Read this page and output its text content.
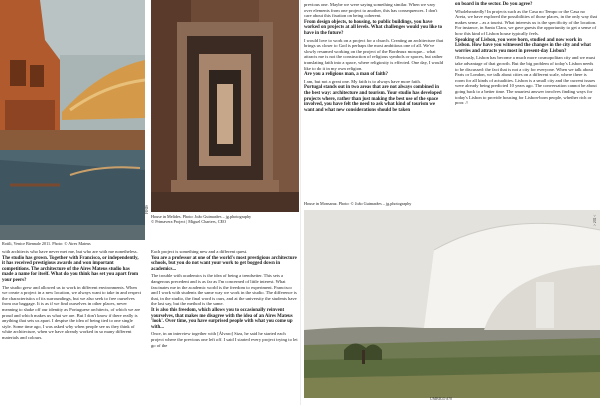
House in Melides. Photo: João Guimarães – jg.photography
© Primavera Project | Miguel Charters, CEO
Rotili, Venice Biennale 2011. Photo: © Aires Mateus
FINIS

previous one. Maybe we were saying something similar. When we vary over elements from one project to another, this has consequences. I don't care about this fixation on being coherent.

From design objects, to housing, to public buildings, you have worked on projects at all levels. What challenges would you like to have in the future?

I would love to work on a project for a church. Creating an architecture that brings us closer to God is perhaps the most ambitious one of all. We've slowly resumed working on the project of the Bordeaux mosque... what attracts me is not the construction of religious symbols or spaces, but rather translating faith into a space, where religiosity is effected. One day, I would like to do it in my own religion.

Are you a religious man, a man of faith?

I am, but not a great one. My faith is to always have more faith.

Portugal stands out in two areas that are not always combined in the best way: architecture and tourism. Your studio has developed projects where, rather than just making the best use of the space involved, you have felt the need to ask what kind of tourism we want and what new considerations should be taken

with architects who have never met me, but who are with me nonetheless.

The studio has grown. Together with Francisco, or independently, it has received prestigious awards and won important competitions. The architecture of the Aires Mateus studio has made a name for itself. What do you think has set you apart from your peers?

The studio grew and allowed us to work in different environments. When we create a project in a new location, we always want to take in and respect the characteristics of its surroundings, but we also seek to free ourselves from our baggage. It is as if we find ourselves in other places, never meaning to shake off our identity as Portuguese architects, of which we are proud and which makes us what we are. But I don't know if there really is anything that sets us apart. I despise the idea of being tied to one single style. Some time ago, I was asked why when people see us they think of white architecture, when we have already worked in so many different materials and colours.

Each project is something new and a different quest.

You are a professor at one of the world's most prestigious architecture schools, but you do not want your work to get bogged down in academics...

The trouble with academics is the idea of being a trendsetter. This sets a dangerous precedent and is as far as I'm concerned of little interest. What fascinates me in the academic world is the freedom to experiment. Francisco and I work with students the same way we work in the studio. The difference is that, in the studio, the final word is ours, and at the university the students have the last say, but the method is the same.

It is also this freedom, which allows you to occasionally reinvent yourselves, that makes me disagree with the idea of an Aires Mateus 'look'. Over time, you have surprised people with what you come up with...

Once, in an interview together with [Álvaro] Siza, he said he started each project where the previous one left off. I said I started every project trying to let go of the

on board in the sector. Do you agree?

Wholeheartedly! In projects such as the Casa no Tempo or the Casa no Areia, we have explored the possibilities of those places, in the only way that makes sense – as a tourist. What interests us is the specificity of the location. For instance, in Santa Clara, we gave guests the opportunity to get a sense of how this kind of Lisbon house typically feels.

Speaking of Lisbon, you were born, studied and now work in Lisbon. How have you witnessed the changes in the city and what worries and attracts you most in present-day Lisbon?

Obviously, Lisbon has become a much more cosmopolitan city and we must take advantage of that growth. But the big problem of today's Lisbon needs to be discussed: the fact that is not a city for everyone. When we talk about Paris or London, we talk about cities on a different scale, where there is room for all kinds of actualities. Lisbon is a small city and the current issues were already being predicted 10 years ago. The conversation cannot be about going back to a better time. The smartest answer involves finding ways for today's Lisbon to provide housing for Lisbon-born people, whether rich or poor. //

House in Monsaraz. Photo: © João Guimarães – jg.photography
> 202 <
UMBIGO #70
